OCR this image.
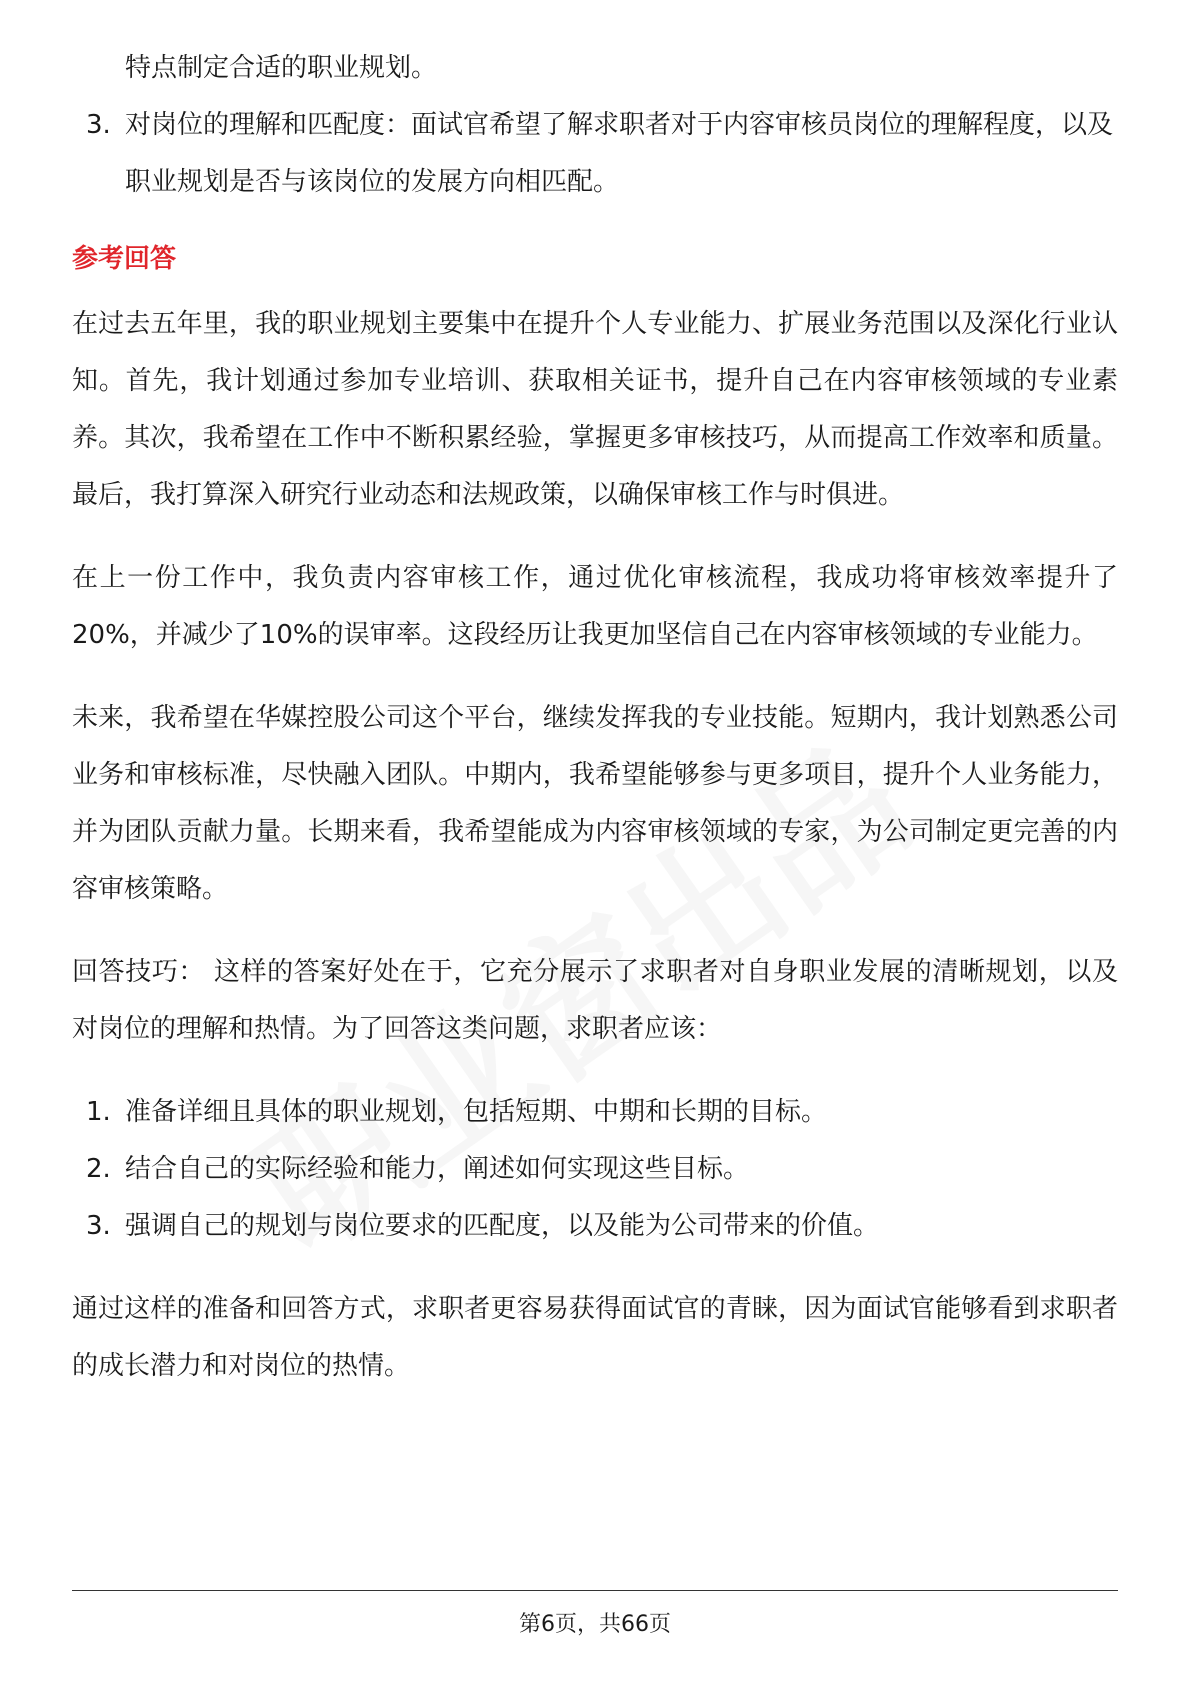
特点制定合适的职业规划。
3. 对岗位的理解和匹配度：面试官希望了解求职者对于内容审核员岗位的理解程度，以及职业规划是否与该岗位的发展方向相匹配。
参考回答

在过去五年里，我的职业规划主要集中在提升个人专业能力、扩展业务范围以及深化行业认知。首先，我计划通过参加专业培训、获取相关证书，提升自己在内容审核领域的专业素养。其次，我希望在工作中不断积累经验，掌握更多审核技巧，从而提高工作效率和质量。最后，我打算深入研究行业动态和法规政策，以确保审核工作与时俱进。

在上一份工作中，我负责内容审核工作，通过优化审核流程，我成功将审核效率提升了20%，并减少了10%的误审率。这段经历让我更加坚信自己在内容审核领域的专业能力。

未来，我希望在华媒控股公司这个平台，继续发挥我的专业技能。短期内，我计划熟悉公司业务和审核标准，尽快融入团队。中期内，我希望能够参与更多项目，提升个人业务能力，并为团队贡献力量。长期来看，我希望能成为内容审核领域的专家，为公司制定更完善的内容审核策略。

回答技巧： 这样的答案好处在于，它充分展示了求职者对自身职业发展的清晰规划，以及对岗位的理解和热情。为了回答这类问题，求职者应该：

1. 准备详细且具体的职业规划，包括短期、中期和长期的目标。
2. 结合自己的实际经验和能力，阐述如何实现这些目标。
3. 强调自己的规划与岗位要求的匹配度，以及能为公司带来的价值。

通过这样的准备和回答方式，求职者更容易获得面试官的青睐，因为面试官能够看到求职者的成长潜力和对岗位的热情。

第6页，共66页
